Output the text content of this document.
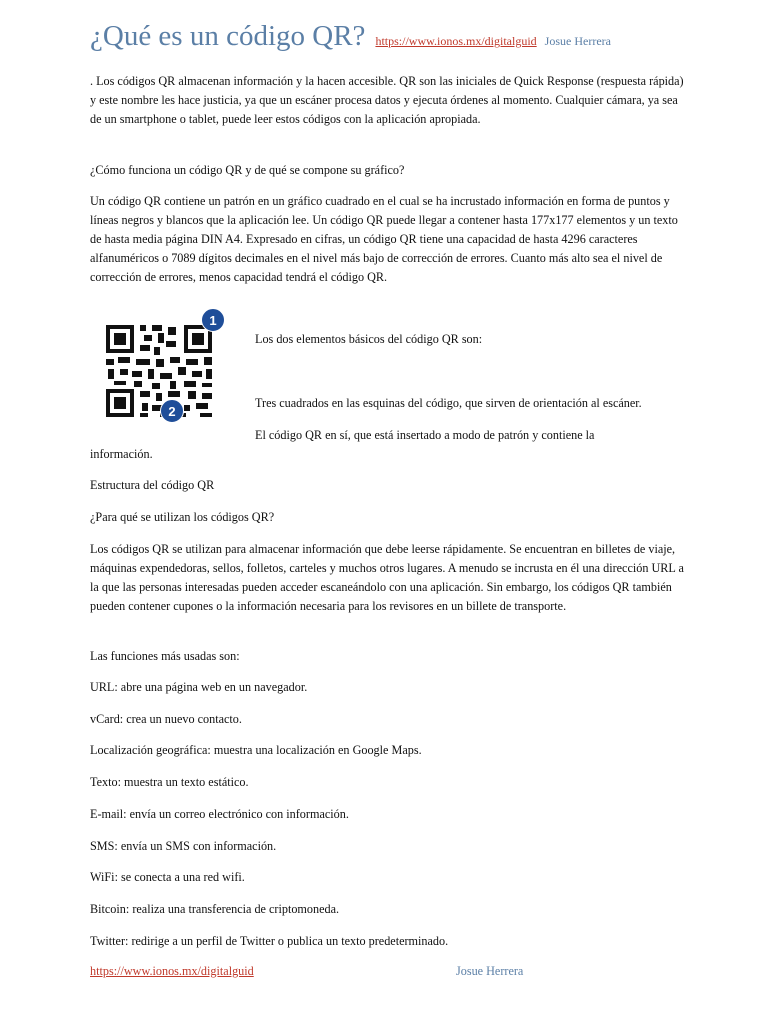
¿Qué es un código QR? https://www.ionos.mx/digitalguid Josue Herrera

. Los códigos QR almacenan información y la hacen accesible. QR son las iniciales de Quick Response (respuesta rápida) y este nombre les hace justicia, ya que un escáner procesa datos y ejecuta órdenes al momento. Cualquier cámara, ya sea de un smartphone o tablet, puede leer estos códigos con la aplicación apropiada.

¿Cómo funciona un código QR y de qué se compone su gráfico?

Un código QR contiene un patrón en un gráfico cuadrado en el cual se ha incrustado información en forma de puntos y líneas negros y blancos que la aplicación lee. Un código QR puede llegar a contener hasta 177x177 elementos y un texto de hasta media página DIN A4. Expresado en cifras, un código QR tiene una capacidad de hasta 4296 caracteres alfanuméricos o 7089 dígitos decimales en el nivel más bajo de corrección de errores. Cuanto más alto sea el nivel de corrección de errores, menos capacidad tendrá el código QR.

1
2

Los dos elementos básicos del código QR son:

Tres cuadrados en las esquinas del código, que sirven de orientación al escáner.

El código QR en sí, que está insertado a modo de patrón y contiene la

información.

Estructura del código QR

¿Para qué se utilizan los códigos QR?

Los códigos QR se utilizan para almacenar información que debe leerse rápidamente. Se encuentran en billetes de viaje, máquinas expendedoras, sellos, folletos, carteles y muchos otros lugares. A menudo se incrusta en él una dirección URL a la que las personas interesadas pueden acceder escaneándolo con una aplicación. Sin embargo, los códigos QR también pueden contener cupones o la información necesaria para los revisores en un billete de transporte.

Las funciones más usadas son:

URL: abre una página web en un navegador.

vCard: crea un nuevo contacto.

Localización geográfica: muestra una localización en Google Maps.

Texto: muestra un texto estático.

E-mail: envía un correo electrónico con información.

SMS: envía un SMS con información.

WiFi: se conecta a una red wifi.

Bitcoin: realiza una transferencia de criptomoneda.

Twitter: redirige a un perfil de Twitter o publica un texto predeterminado.

https://www.ionos.mx/digitalguid	Josue Herrera
